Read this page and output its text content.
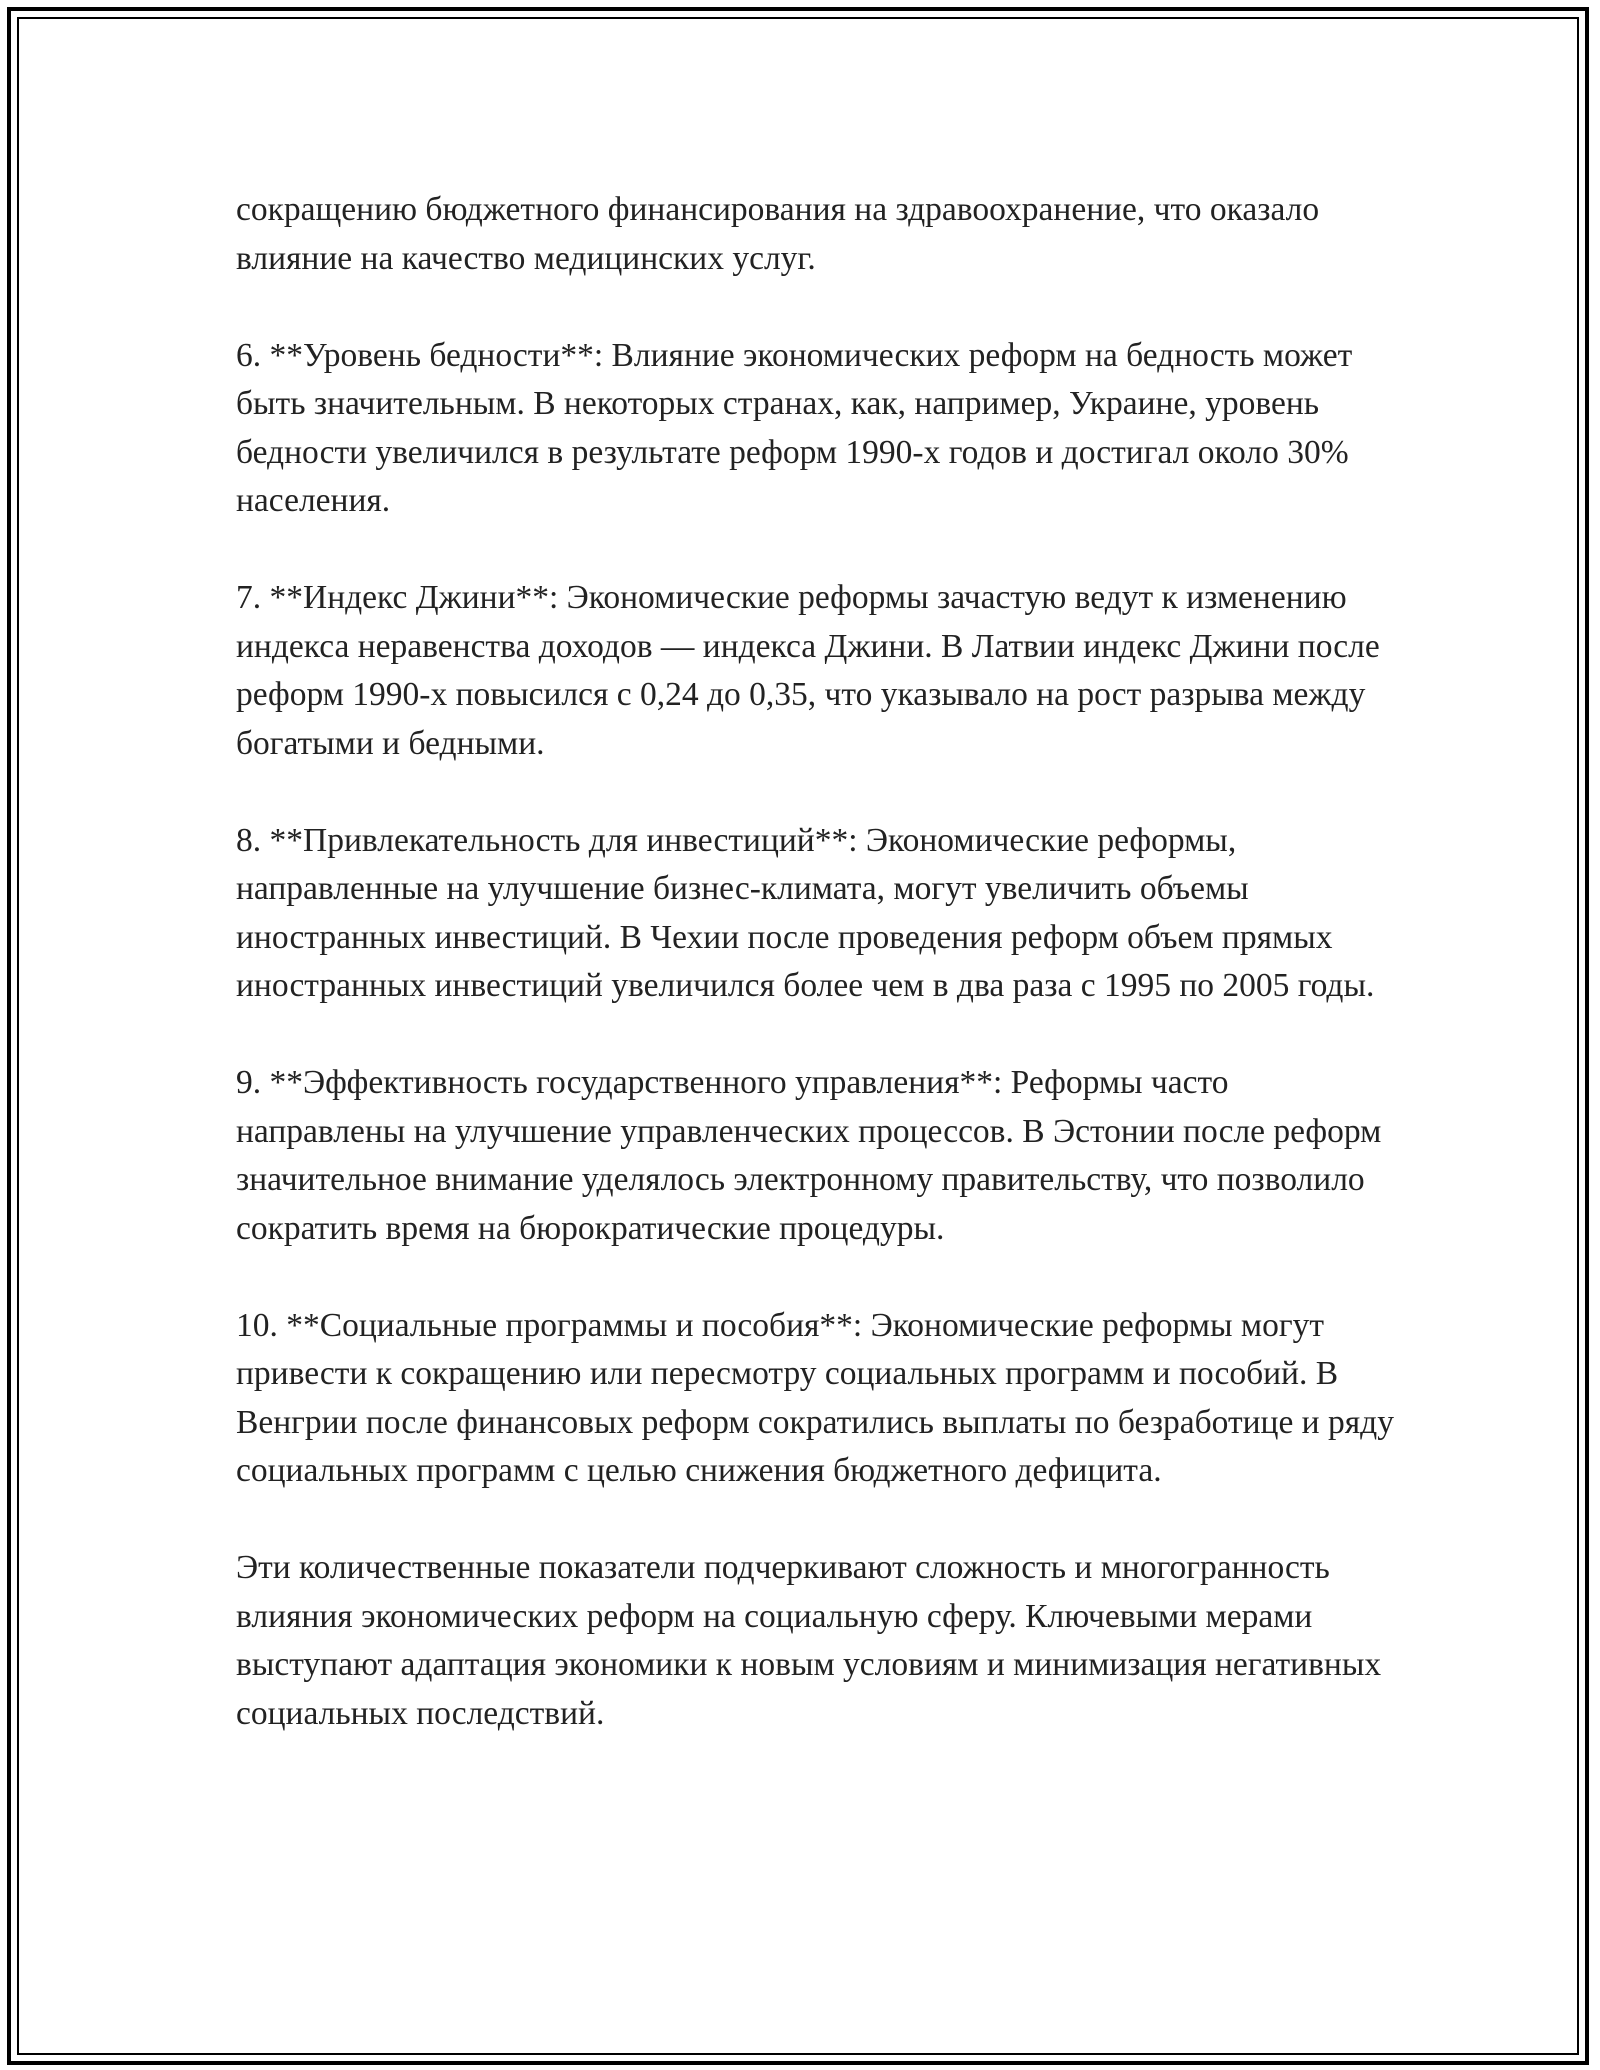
сокращению бюджетного финансирования на здравоохранение, что оказало влияние на качество медицинских услуг.

6. **Уровень бедности**: Влияние экономических реформ на бедность может быть значительным. В некоторых странах, как, например, Украине, уровень бедности увеличился в результате реформ 1990-х годов и достигал около 30% населения.

7. **Индекс Джини**: Экономические реформы зачастую ведут к изменению индекса неравенства доходов — индекса Джини. В Латвии индекс Джини после реформ 1990-х повысился с 0,24 до 0,35, что указывало на рост разрыва между богатыми и бедными.

8. **Привлекательность для инвестиций**: Экономические реформы, направленные на улучшение бизнес-климата, могут увеличить объемы иностранных инвестиций. В Чехии после проведения реформ объем прямых иностранных инвестиций увеличился более чем в два раза с 1995 по 2005 годы.

9. **Эффективность государственного управления**: Реформы часто направлены на улучшение управленческих процессов. В Эстонии после реформ значительное внимание уделялось электронному правительству, что позволило сократить время на бюрократические процедуры.

10. **Социальные программы и пособия**: Экономические реформы могут привести к сокращению или пересмотру социальных программ и пособий. В Венгрии после финансовых реформ сократились выплаты по безработице и ряду социальных программ с целью снижения бюджетного дефицита.

Эти количественные показатели подчеркивают сложность и многогранность влияния экономических реформ на социальную сферу. Ключевыми мерами выступают адаптация экономики к новым условиям и минимизация негативных социальных последствий.
